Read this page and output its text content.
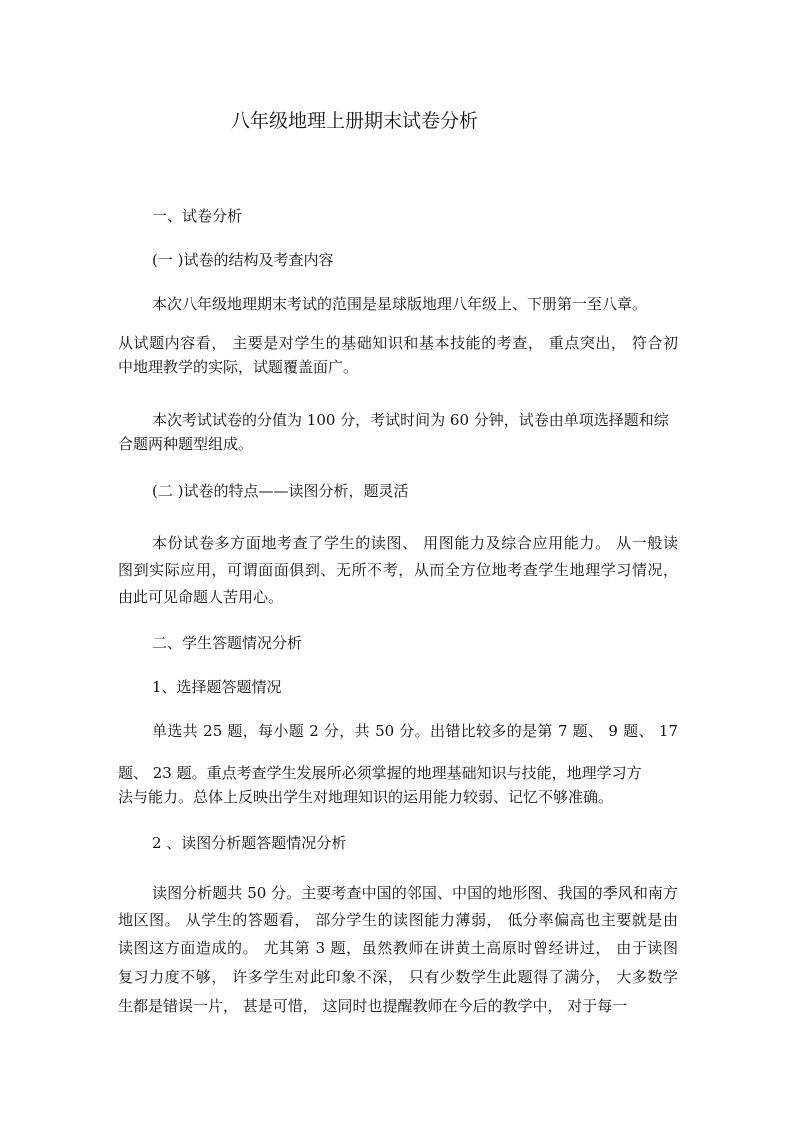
八年级地理上册期末试卷分析
一、试卷分析
(一 )试卷的结构及考查内容
本次八年级地理期末考试的范围是星球版地理八年级上、下册第一至八章。
从试题内容看， 主要是对学生的基础知识和基本技能的考查， 重点突出， 符合初
中地理教学的实际，试题覆盖面广。
本次考试试卷的分值为 100 分，考试时间为 60 分钟，试卷由单项选择题和综
合题两种题型组成。
(二 )试卷的特点——读图分析，题灵活
本份试卷多方面地考查了学生的读图、 用图能力及综合应用能力。 从一般读
图到实际应用，可谓面面俱到、无所不考，从而全方位地考查学生地理学习情况，
由此可见命题人苦用心。
二、学生答题情况分析
1、选择题答题情况
单选共 25 题，每小题 2 分，共 50 分。出错比较多的是第 7 题、 9 题、 17
题、 23 题。重点考查学生发展所必须掌握的地理基础知识与技能，地理学习方
法与能力。总体上反映出学生对地理知识的运用能力较弱、记忆不够准确。
2 、读图分析题答题情况分析
读图分析题共 50 分。主要考查中国的邻国、中国的地形图、我国的季风和南方
地区图。 从学生的答题看， 部分学生的读图能力薄弱， 低分率偏高也主要就是由
读图这方面造成的。 尤其第 3 题，虽然教师在讲黄土高原时曾经讲过， 由于读图
复习力度不够， 许多学生对此印象不深， 只有少数学生此题得了满分， 大多数学
生都是错误一片， 甚是可惜， 这同时也提醒教师在今后的教学中， 对于每一
